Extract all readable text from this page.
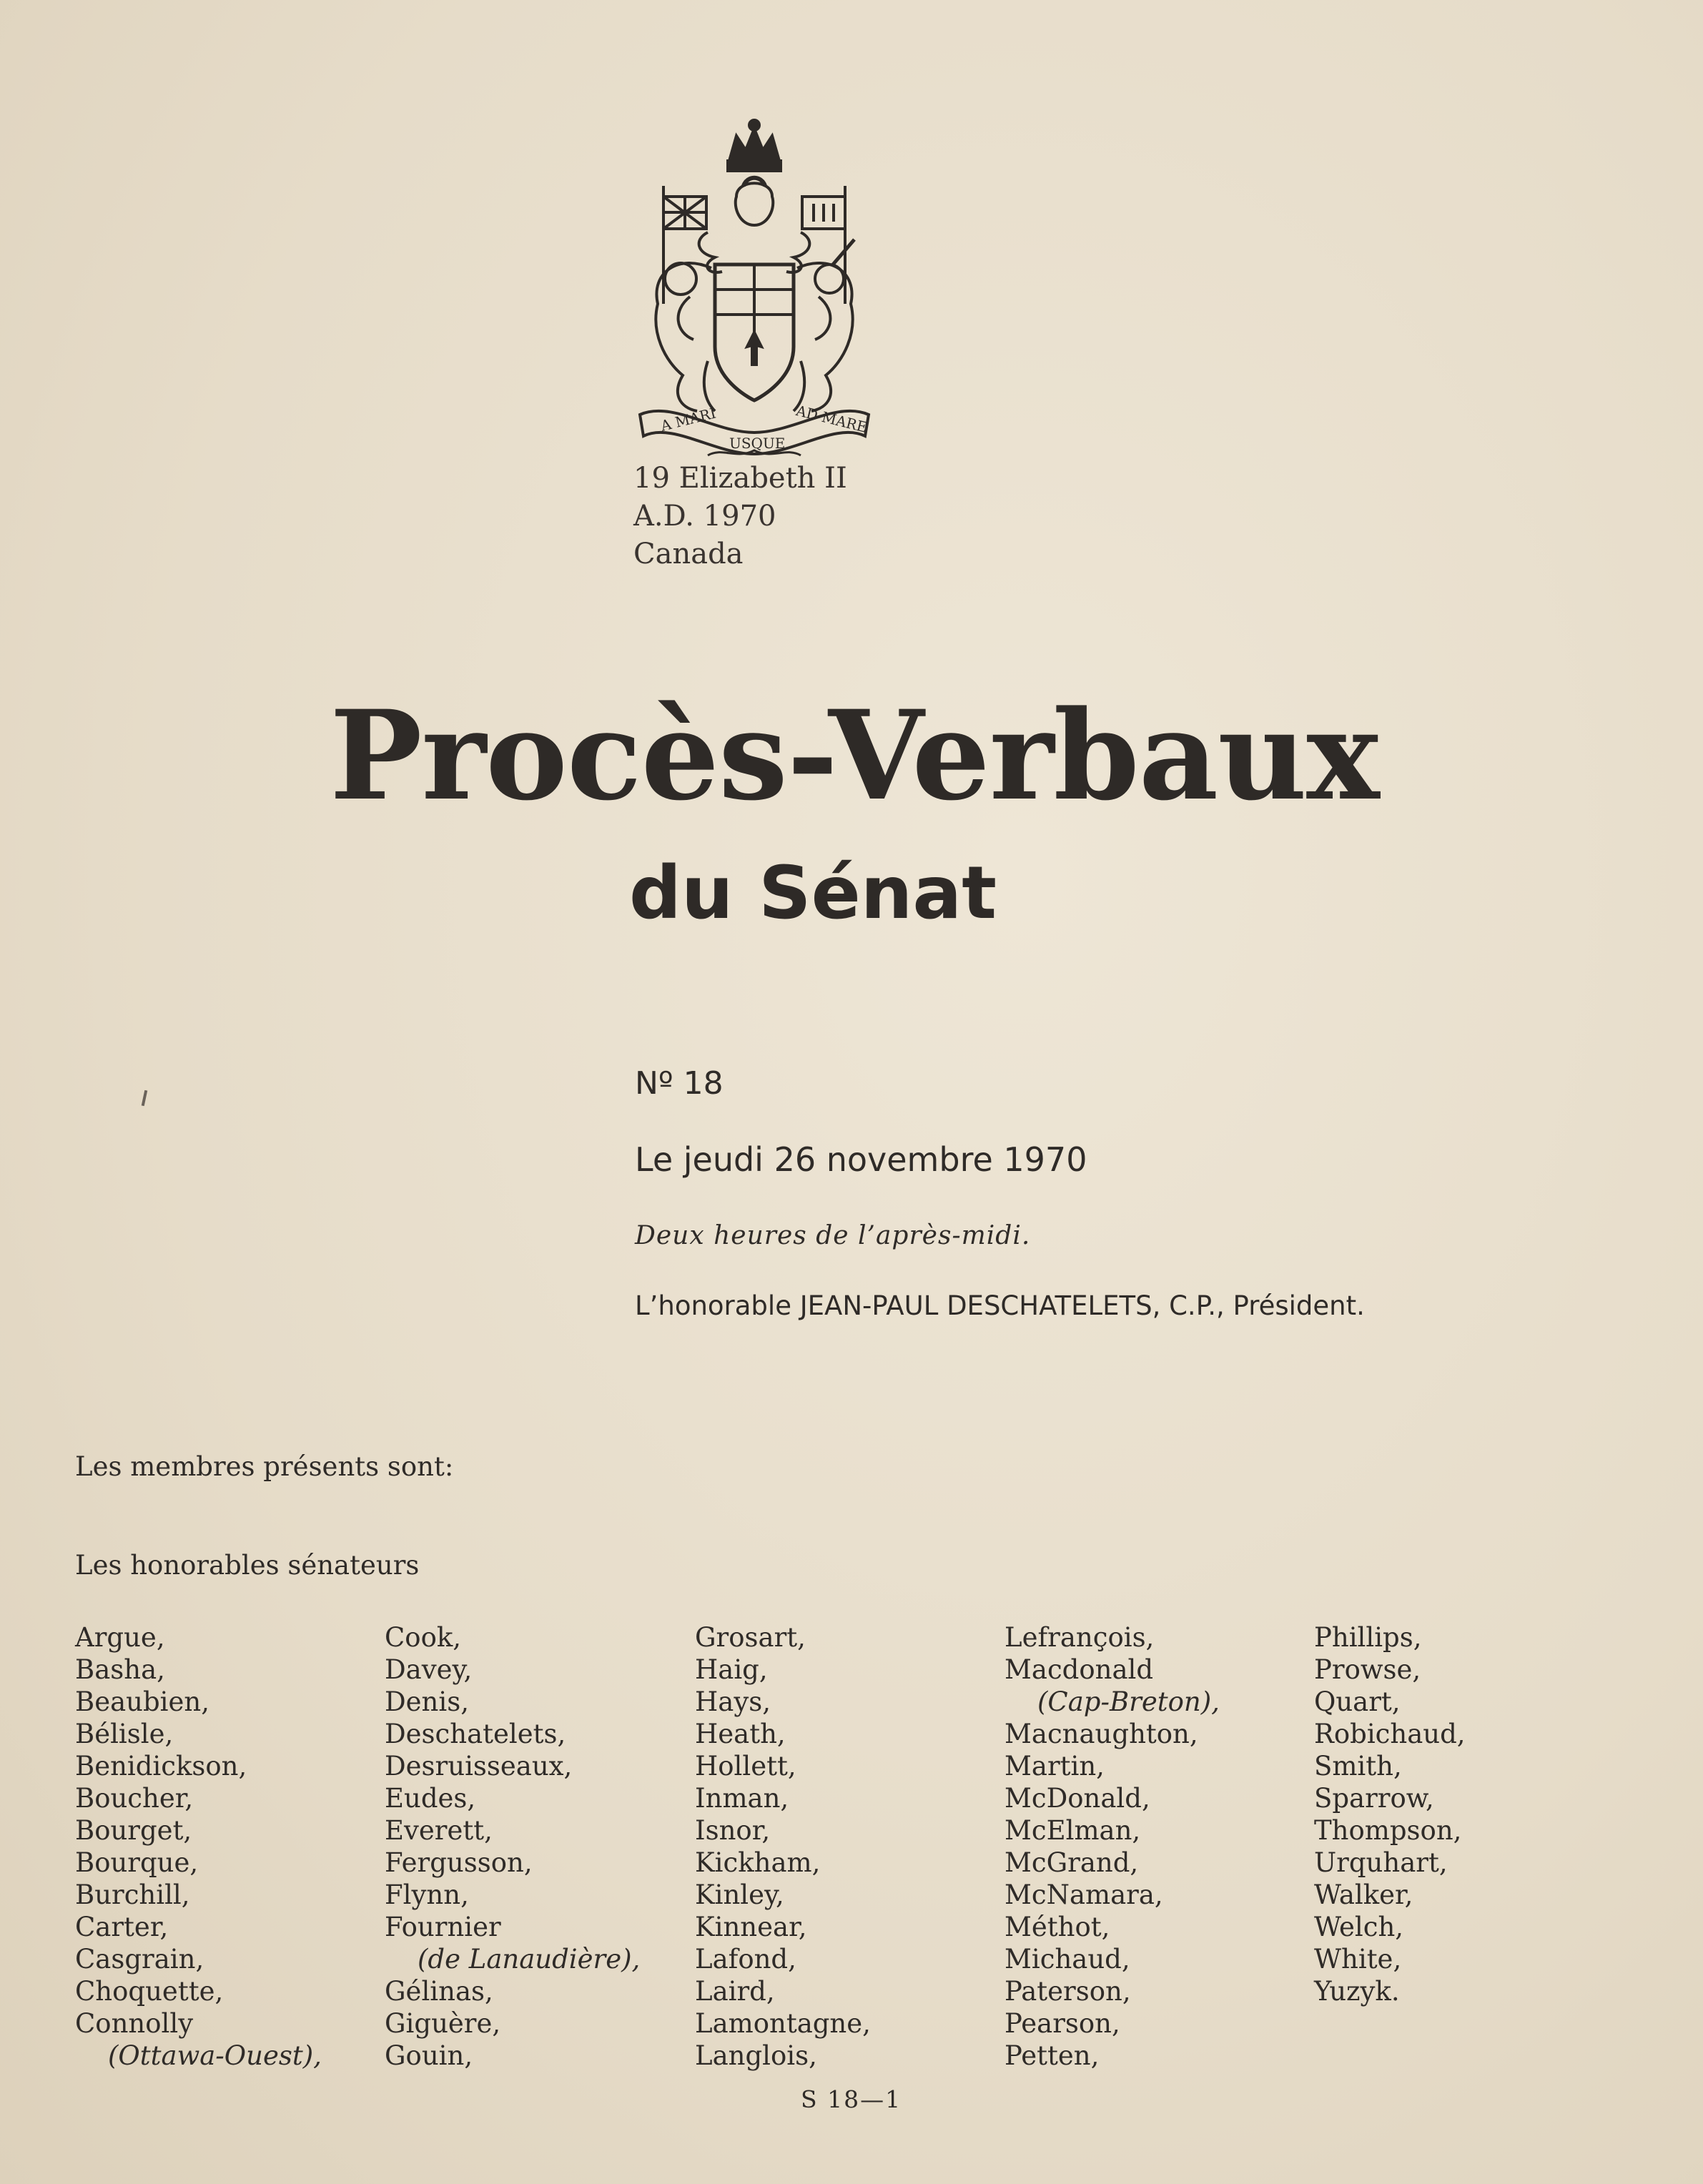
A MARI
USQUE
AD MARE
19 Elizabeth II
A.D. 1970
Canada
Procès-Verbaux
du Sénat
Nº 18
Le jeudi 26 novembre 1970
Deux heures de l’après-midi.
L’honorable JEAN-PAUL DESCHATELETS, C.P., Président.
Les membres présents sont:
Les honorables sénateurs
Argue,
Basha,
Beaubien,
Bélisle,
Benidickson,
Boucher,
Bourget,
Bourque,
Burchill,
Carter,
Casgrain,
Choquette,
Connolly
(Ottawa-Ouest),
Cook,
Davey,
Denis,
Deschatelets,
Desruisseaux,
Eudes,
Everett,
Fergusson,
Flynn,
Fournier
(de Lanaudière),
Gélinas,
Giguère,
Gouin,
Grosart,
Haig,
Hays,
Heath,
Hollett,
Inman,
Isnor,
Kickham,
Kinley,
Kinnear,
Lafond,
Laird,
Lamontagne,
Langlois,
Lefrançois,
Macdonald
(Cap-Breton),
Macnaughton,
Martin,
McDonald,
McElman,
McGrand,
McNamara,
Méthot,
Michaud,
Paterson,
Pearson,
Petten,
Phillips,
Prowse,
Quart,
Robichaud,
Smith,
Sparrow,
Thompson,
Urquhart,
Walker,
Welch,
White,
Yuzyk.
S 18—1
